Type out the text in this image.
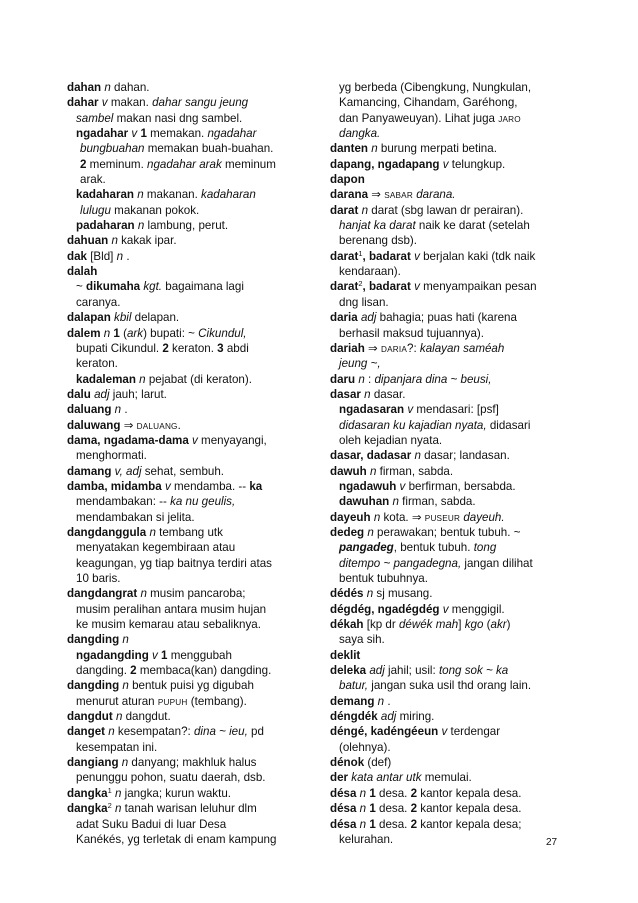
dahan n dahan.
dahar v makan. dahar sangu jeung
sambel makan nasi dng sambel.
ngadahar v 1 memakan. ngadahar
bungbuahan memakan buah-buahan.
2 meminum. ngadahar arak meminum
arak.
kadaharan n makanan. kadaharan
lulugu makanan pokok.
padaharan n lambung, perut.
dahuan n kakak ipar.
dak [Bld] n .
dalah
~ dikumaha kgt. bagaimana lagi
caranya.
dalapan kbil delapan.
dalem n 1 (ark) bupati: ~ Cikundul,
bupati Cikundul. 2 keraton. 3 abdi
keraton.
kadaleman n pejabat (di keraton).
dalu adj jauh; larut.
daluang n .
daluwang ⇒ DALUANG.
dama, ngadama-dama v menyayangi,
menghormati.
damang v, adj sehat, sembuh.
damba, midamba v mendamba. -- ka
mendambakan: -- ka nu geulis,
mendambakan si jelita.
dangdanggula n tembang utk
menyatakan kegembiraan atau
keagungan, yg tiap baitnya terdiri atas
10 baris.
dangdangrat n musim pancaroba;
musim peralihan antara musim hujan
ke musim kemarau atau sebaliknya.
dangding n
ngadangding v 1 menggubah
dangding. 2 membaca(kan) dangding.
dangding n bentuk puisi yg digubah
menurut aturan PUPUH (tembang).
dangdut n dangdut.
danget n kesempatan?: dina ~ ieu, pd
kesempatan ini.
dangiang n danyang; makhluk halus
penunggu pohon, suatu daerah, dsb.
dangka$^1$ n jangka; kurun waktu.
dangka$^2$ n tanah warisan leluhur dlm
adat Suku Badui di luar Desa
Kanékés, yg terletak di enam kampung
yg berbeda (Cibengkung, Nungkulan,
Kamancing, Cihandam, Garéhong,
dan Panyaweuyan). Lihat juga JARO
dangka.
danten n burung merpati betina.
dapang, ngadapang v telungkup.
dapon
darana ⇒ SABAR darana.
darat n darat (sbg lawan dr perairan).
hanjat ka darat naik ke darat (setelah
berenang dsb).
darat$^1$, badarat v berjalan kaki (tdk naik
kendaraan).
darat$^2$, badarat v menyampaikan pesan
dng lisan.
daria adj bahagia; puas hati (karena
berhasil maksud tujuannya).
dariah ⇒ DARIA?: kalayan saméah
jeung ~,
daru n : dipanjara dina ~ beusi,
dasar n dasar.
ngadasaran v mendasari: [psf]
didasaran ku kajadian nyata, didasari
oleh kejadian nyata.
dasar, dadasar n dasar; landasan.
dawuh n firman, sabda.
ngadawuh v berfirman, bersabda.
dawuhan n firman, sabda.
dayeuh n kota. ⇒ PUSEUR dayeuh.
dedeg n perawakan; bentuk tubuh. ~
pangadeg, bentuk tubuh. tong
ditempo ~ pangadegna, jangan dilihat
bentuk tubuhnya.
dédés n sj musang.
dégdég, ngadégdég v menggigil.
dékah [kp dr déwék mah] kgo (akr)
saya sih.
deklit
deleka adj jahil; usil: tong sok ~ ka
batur, jangan suka usil thd orang lain.
demang n .
déngdék adj miring.
déngé, kadéngéeun v terdengar
(olehnya).
dénok (def)
der kata antar utk memulai.
désa n 1 desa. 2 kantor kepala desa.
désa n 1 desa. 2 kantor kepala desa.
désa n 1 desa. 2 kantor kepala desa;
kelurahan.	27
